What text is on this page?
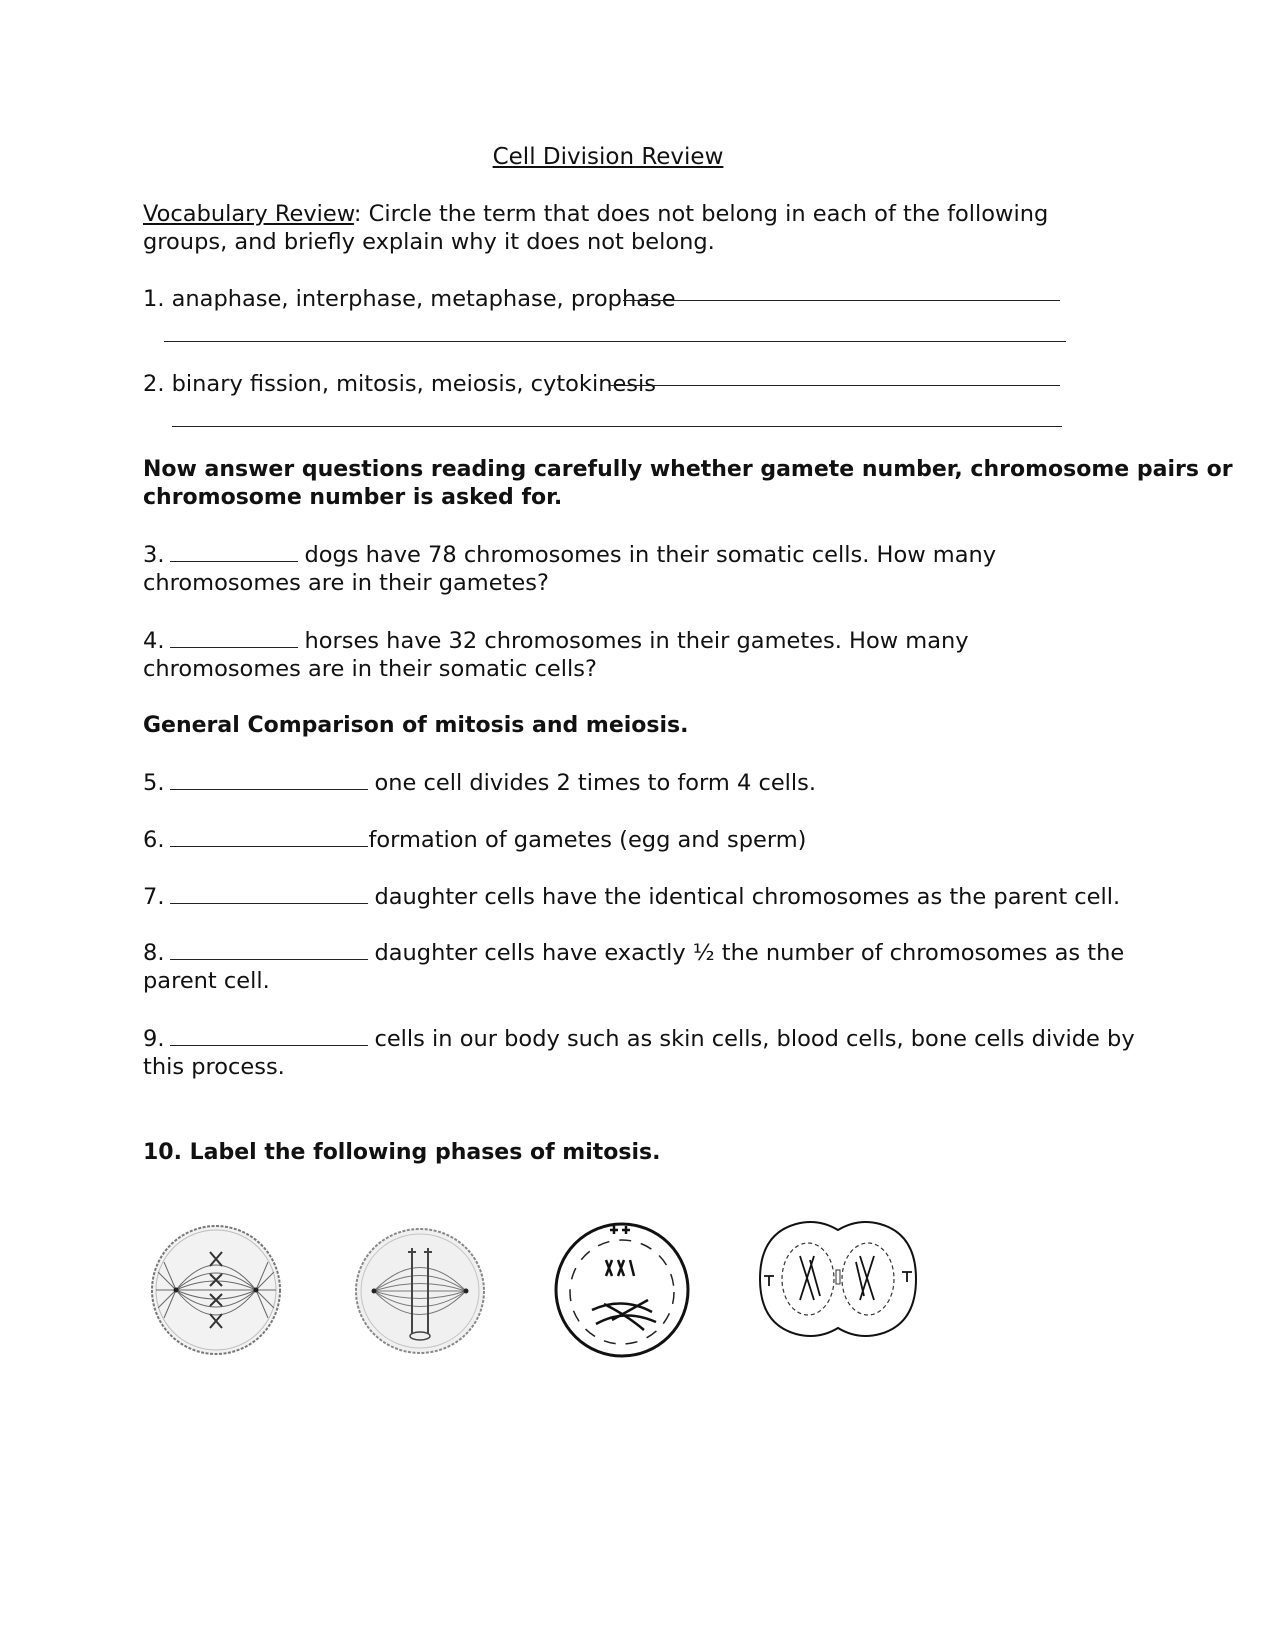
Cell Division Review
Vocabulary Review: Circle the term that does not belong in each of the following
groups, and briefly explain why it does not belong.
1. anaphase, interphase, metaphase, prophase
2. binary fission, mitosis, meiosis, cytokinesis
Now answer questions reading carefully whether gamete number, chromosome pairs or
chromosome number is asked for.
3.	dogs have 78 chromosomes in their somatic cells. How many
chromosomes are in their gametes?
4.	horses have 32 chromosomes in their gametes. How many
chromosomes are in their somatic cells?
General Comparison of mitosis and meiosis.
5.	one cell divides 2 times to form 4 cells.
6.	formation of gametes (egg and sperm)
7.	daughter cells have the identical chromosomes as the parent cell.
8.	daughter cells have exactly ½ the number of chromosomes as the
parent cell.
9.	cells in our body such as skin cells, blood cells, bone cells divide by
this process.
10. Label the following phases of mitosis.
